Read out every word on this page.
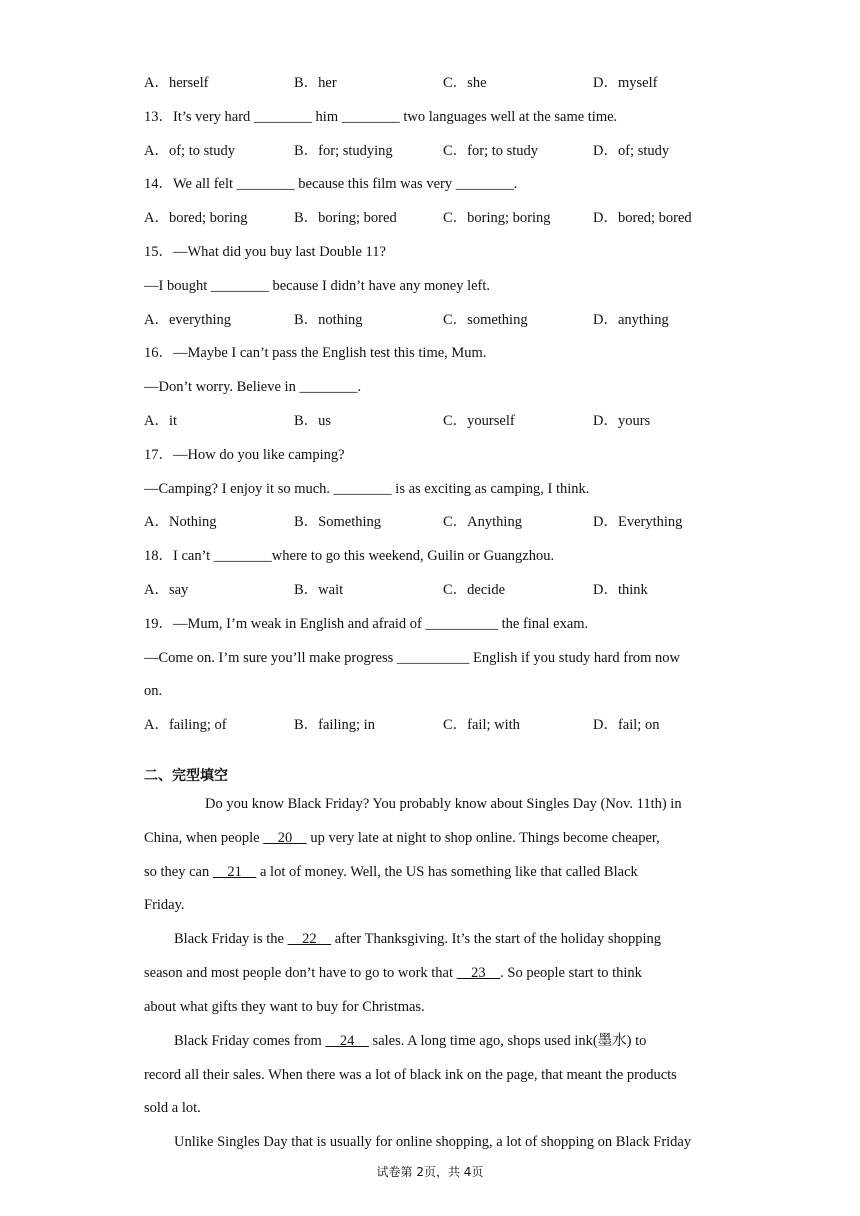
A．herself	B．her	C．she	D．myself
13．It’s very hard ________ him ________ two languages well at the same time.
A．of; to study	B．for; studying	C．for; to study	D．of; study
14．We all felt ________ because this film was very ________.
A．bored; boring	B．boring; bored	C．boring; boring	D．bored; bored
15．—What did you buy last Double 11?
—I bought ________ because I didn’t have any money left.
A．everything	B．nothing	C．something	D．anything
16．—Maybe I can’t pass the English test this time, Mum.
—Don’t worry. Believe in ________.
A．it	B．us	C．yourself	D．yours
17．—How do you like camping?
—Camping? I enjoy it so much. ________ is as exciting as camping, I think.
A．Nothing	B．Something	C．Anything	D．Everything
18．I can’t ________where to go this weekend, Guilin or Guangzhou.
A．say	B．wait	C．decide	D．think
19．—Mum, I’m weak in English and afraid of __________ the final exam.
—Come on. I’m sure you’ll make progress __________ English if you study hard from now
on.
A．failing; of	B．failing; in	C．fail; with	D．fail; on
二、完型填空
Do you know Black Friday? You probably know about Singles Day (Nov. 11th) in
China, when people     20     up very late at night to shop online. Things become cheaper,
so they can     21     a lot of money. Well, the US has something like that called Black
Friday.
Black Friday is the     22     after Thanksgiving. It’s the start of the holiday shopping
season and most people don’t have to go to work that     23    . So people start to think
about what gifts they want to buy for Christmas.
Black Friday comes from     24     sales. A long time ago, shops used ink(墨水) to
record all their sales. When there was a lot of black ink on the page, that meant the products
sold a lot.
Unlike Singles Day that is usually for online shopping, a lot of shopping on Black Friday
试卷第 2页，共 4页
